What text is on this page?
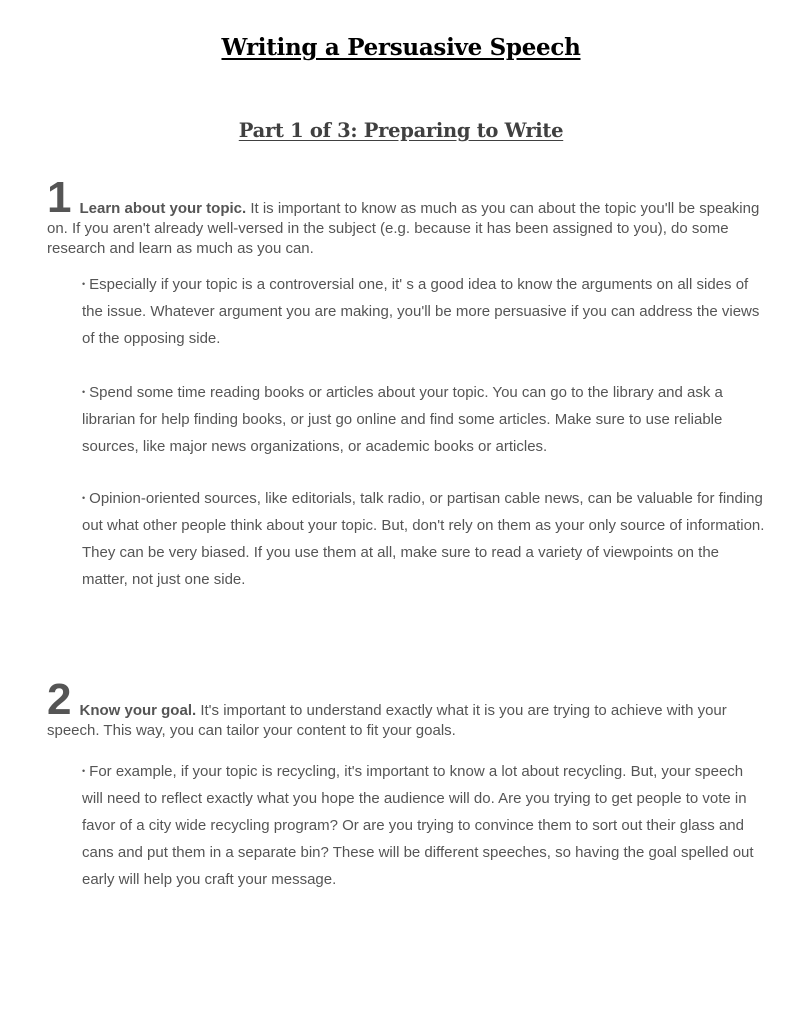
Writing a Persuasive Speech
Part 1 of 3: Preparing to Write

1 Learn about your topic. It is important to know as much as you can about the topic you'll be speaking on. If you aren't already well-versed in the subject (e.g. because it has been assigned to you), do some research and learn as much as you can.

• Especially if your topic is a controversial one, it' s a good idea to know the arguments on all sides of the issue. Whatever argument you are making, you'll be more persuasive if you can address the views of the opposing side.

• Spend some time reading books or articles about your topic. You can go to the library and ask a librarian for help finding books, or just go online and find some articles. Make sure to use reliable sources, like major news organizations, or academic books or articles.

• Opinion-oriented sources, like editorials, talk radio, or partisan cable news, can be valuable for finding out what other people think about your topic. But, don't rely on them as your only source of information. They can be very biased. If you use them at all, make sure to read a variety of viewpoints on the matter, not just one side.

2 Know your goal. It's important to understand exactly what it is you are trying to achieve with your speech. This way, you can tailor your content to fit your goals.

• For example, if your topic is recycling, it's important to know a lot about recycling. But, your speech will need to reflect exactly what you hope the audience will do. Are you trying to get people to vote in favor of a city wide recycling program? Or are you trying to convince them to sort out their glass and cans and put them in a separate bin? These will be different speeches, so having the goal spelled out early will help you craft your message.
